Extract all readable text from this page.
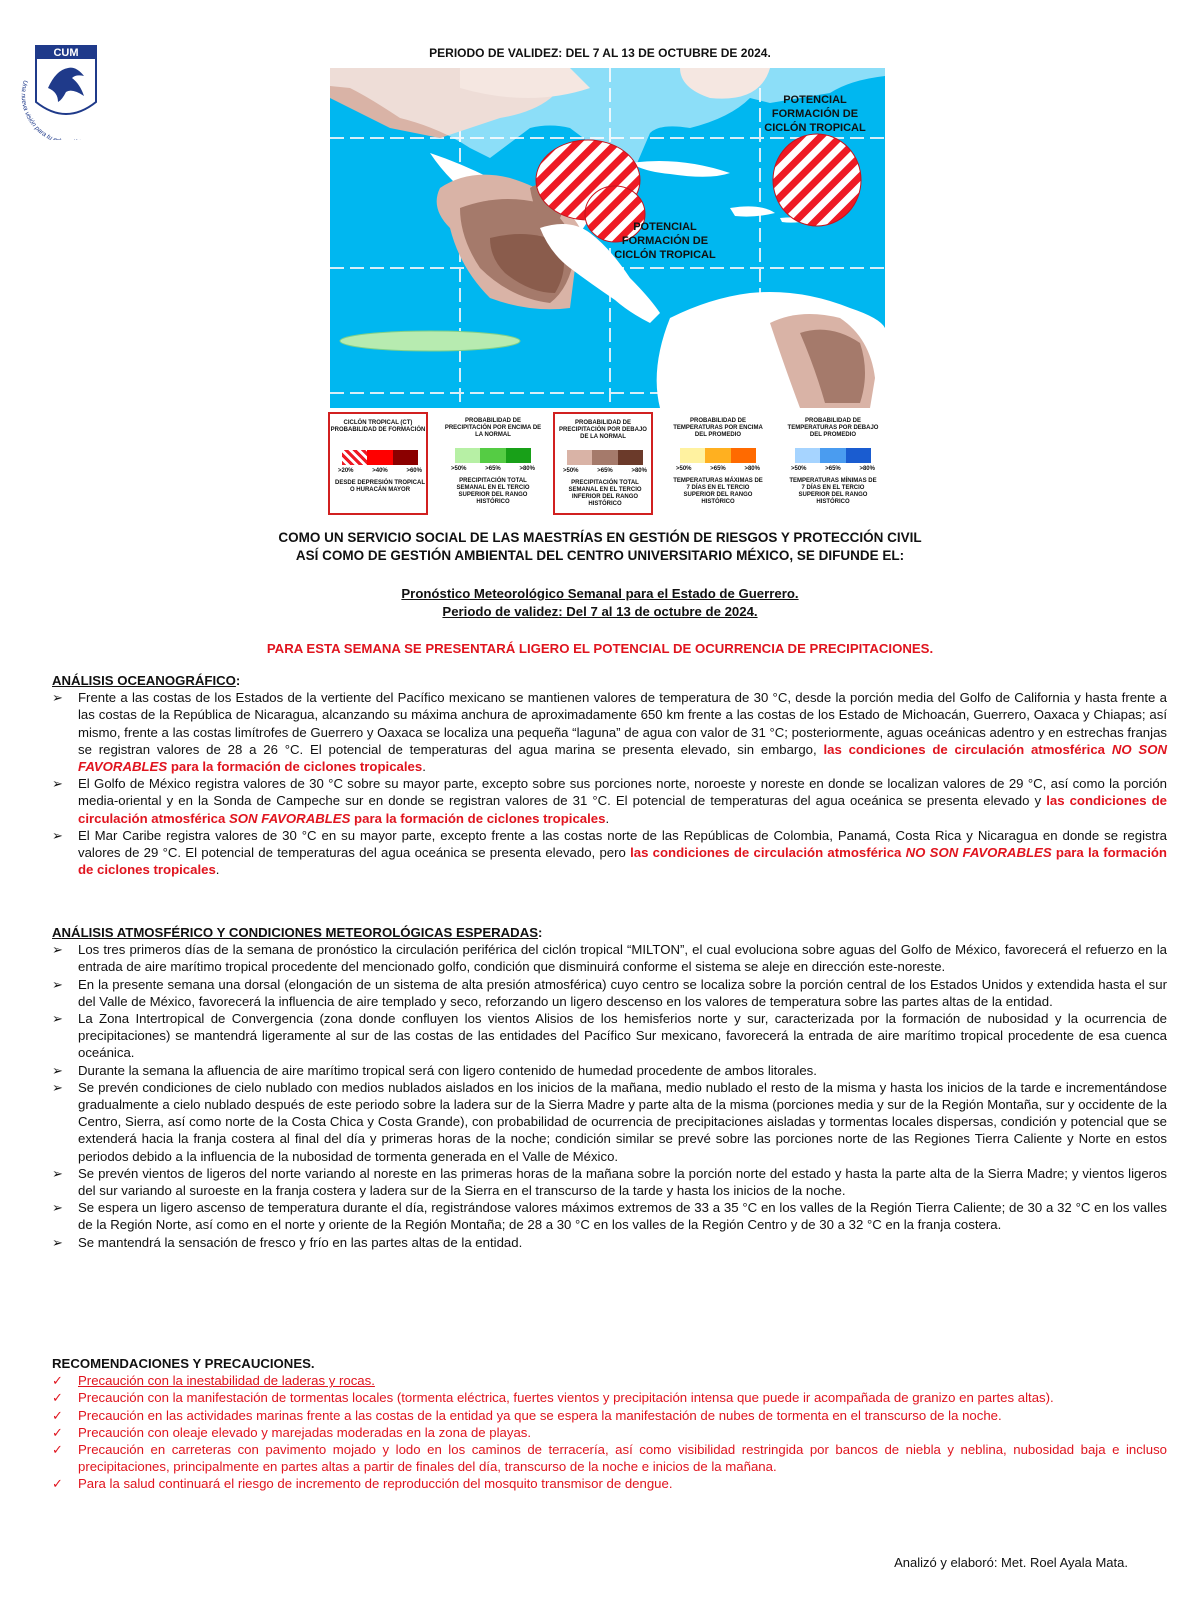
CUM
Una nueva visión para tu
PERIODO DE VALIDEZ: DEL 7 AL 13 DE OCTUBRE DE 2024.
POTENCIAL FORMACIÓN DE CICLÓN TROPICAL
POTENCIAL FORMACIÓN DE CICLÓN TROPICAL
CICLÓN TROPICAL (CT) PROBABILIDAD DE FORMACIÓN
>20%	>40%	>60%
DESDE DEPRESIÓN TROPICAL O HURACÁN MAYOR
PROBABILIDAD DE PRECIPITACIÓN POR ENCIMA DE LA NORMAL
>50%	>65%	>80%
PRECIPITACIÓN TOTAL SEMANAL EN EL TERCIO SUPERIOR DEL RANGO HISTÓRICO
PROBABILIDAD DE PRECIPITACIÓN POR DEBAJO DE LA NORMAL
>50%	>65%	>80%
PRECIPITACIÓN TOTAL SEMANAL EN EL TERCIO INFERIOR DEL RANGO HISTÓRICO
PROBABILIDAD DE TEMPERATURAS POR ENCIMA DEL PROMEDIO
>50%	>65%	>80%
TEMPERATURAS MÁXIMAS DE 7 DÍAS EN EL TERCIO SUPERIOR DEL RANGO HISTÓRICO
PROBABILIDAD DE TEMPERATURAS POR DEBAJO DEL PROMEDIO
>50%	>65%	>80%
TEMPERATURAS MÍNIMAS DE 7 DÍAS EN EL TERCIO SUPERIOR DEL RANGO HISTÓRICO
COMO UN SERVICIO SOCIAL DE LAS MAESTRÍAS EN GESTIÓN DE RIESGOS Y PROTECCIÓN CIVIL
ASÍ COMO DE GESTIÓN AMBIENTAL DEL CENTRO UNIVERSITARIO MÉXICO, SE DIFUNDE EL:
Pronóstico Meteorológico Semanal para el Estado de Guerrero.
Periodo de validez: Del 7 al 13 de octubre de 2024.
PARA ESTA SEMANA SE PRESENTARÁ LIGERO EL POTENCIAL DE OCURRENCIA DE PRECIPITACIONES.
ANÁLISIS OCEANOGRÁFICO:
➢	Frente a las costas de los Estados de la vertiente del Pacífico mexicano se mantienen valores de temperatura de 30 °C, desde la porción media del Golfo de California y hasta frente a las costas de la República de Nicaragua, alcanzando su máxima anchura de aproximadamente 650 km frente a las costas de los Estado de Michoacán, Guerrero, Oaxaca y Chiapas; así mismo, frente a las costas limítrofes de Guerrero y Oaxaca se localiza una pequeña “laguna” de agua con valor de 31 °C; posteriormente, aguas oceánicas adentro y en estrechas franjas se registran valores de 28 a 26 °C. El potencial de temperaturas del agua marina se presenta elevado, sin embargo, las condiciones de circulación atmosférica NO SON FAVORABLES para la formación de ciclones tropicales.
➢	El Golfo de México registra valores de 30 °C sobre su mayor parte, excepto sobre sus porciones norte, noroeste y noreste en donde se localizan valores de 29 °C, así como la porción media-oriental y en la Sonda de Campeche sur en donde se registran valores de 31 °C. El potencial de temperaturas del agua oceánica se presenta elevado y las condiciones de circulación atmosférica SON FAVORABLES para la formación de ciclones tropicales.
➢	El Mar Caribe registra valores de 30 °C en su mayor parte, excepto frente a las costas norte de las Repúblicas de Colombia, Panamá, Costa Rica y Nicaragua en donde se registra valores de 29 °C. El potencial de temperaturas del agua oceánica se presenta elevado, pero las condiciones de circulación atmosférica NO SON FAVORABLES para la formación de ciclones tropicales.
ANÁLISIS ATMOSFÉRICO Y CONDICIONES METEOROLÓGICAS ESPERADAS:
➢	Los tres primeros días de la semana de pronóstico la circulación periférica del ciclón tropical “MILTON”, el cual evoluciona sobre aguas del Golfo de México, favorecerá el refuerzo en la entrada de aire marítimo tropical procedente del mencionado golfo, condición que disminuirá conforme el sistema se aleje en dirección este-noreste.
➢	En la presente semana una dorsal (elongación de un sistema de alta presión atmosférica) cuyo centro se localiza sobre la porción central de los Estados Unidos y extendida hasta el sur del Valle de México, favorecerá la influencia de aire templado y seco, reforzando un ligero descenso en los valores de temperatura sobre las partes altas de la entidad.
➢	La Zona Intertropical de Convergencia (zona donde confluyen los vientos Alisios de los hemisferios norte y sur, caracterizada por la formación de nubosidad y la ocurrencia de precipitaciones) se mantendrá ligeramente al sur de las costas de las entidades del Pacífico Sur mexicano, favorecerá la entrada de aire marítimo tropical procedente de esa cuenca oceánica.
➢	Durante la semana la afluencia de aire marítimo tropical será con ligero contenido de humedad procedente de ambos litorales.
➢	Se prevén condiciones de cielo nublado con medios nublados aislados en los inicios de la mañana, medio nublado el resto de la misma y hasta los inicios de la tarde e incrementándose gradualmente a cielo nublado después de este periodo sobre la ladera sur de la Sierra Madre y parte alta de la misma (porciones media y sur de la Región Montaña, sur y occidente de la Centro, Sierra, así como norte de la Costa Chica y Costa Grande), con probabilidad de ocurrencia de precipitaciones aisladas y tormentas locales dispersas, condición y potencial que se extenderá hacia la franja costera al final del día y primeras horas de la noche; condición similar se prevé sobre las porciones norte de las Regiones Tierra Caliente y Norte en estos periodos debido a la influencia de la nubosidad de tormenta generada en el Valle de México.
➢	Se prevén vientos de ligeros del norte variando al noreste en las primeras horas de la mañana sobre la porción norte del estado y hasta la parte alta de la Sierra Madre; y vientos ligeros del sur variando al suroeste en la franja costera y ladera sur de la Sierra en el transcurso de la tarde y hasta los inicios de la noche.
➢	Se espera un ligero ascenso de temperatura durante el día, registrándose valores máximos extremos de 33 a 35 °C en los valles de la Región Tierra Caliente; de 30 a 32 °C en los valles de la Región Norte, así como en el norte y oriente de la Región Montaña; de 28 a 30 °C en los valles de la Región Centro y de 30 a 32 °C en la franja costera.
➢	Se mantendrá la sensación de fresco y frío en las partes altas de la entidad.
RECOMENDACIONES Y PRECAUCIONES.
✓	Precaución con la inestabilidad de laderas y rocas.
✓	Precaución con la manifestación de tormentas locales (tormenta eléctrica, fuertes vientos y precipitación intensa que puede ir acompañada de granizo en partes altas).
✓	Precaución en las actividades marinas frente a las costas de la entidad ya que se espera la manifestación de nubes de tormenta en el transcurso de la noche.
✓	Precaución con oleaje elevado y marejadas moderadas en la zona de playas.
✓	Precaución en carreteras con pavimento mojado y lodo en los caminos de terracería, así como visibilidad restringida por bancos de niebla y neblina, nubosidad baja e incluso precipitaciones, principalmente en partes altas a partir de finales del día, transcurso de la noche e inicios de la mañana.
✓	Para la salud continuará el riesgo de incremento de reproducción del mosquito transmisor de dengue.
Analizó y elaboró: Met. Roel Ayala Mata.
